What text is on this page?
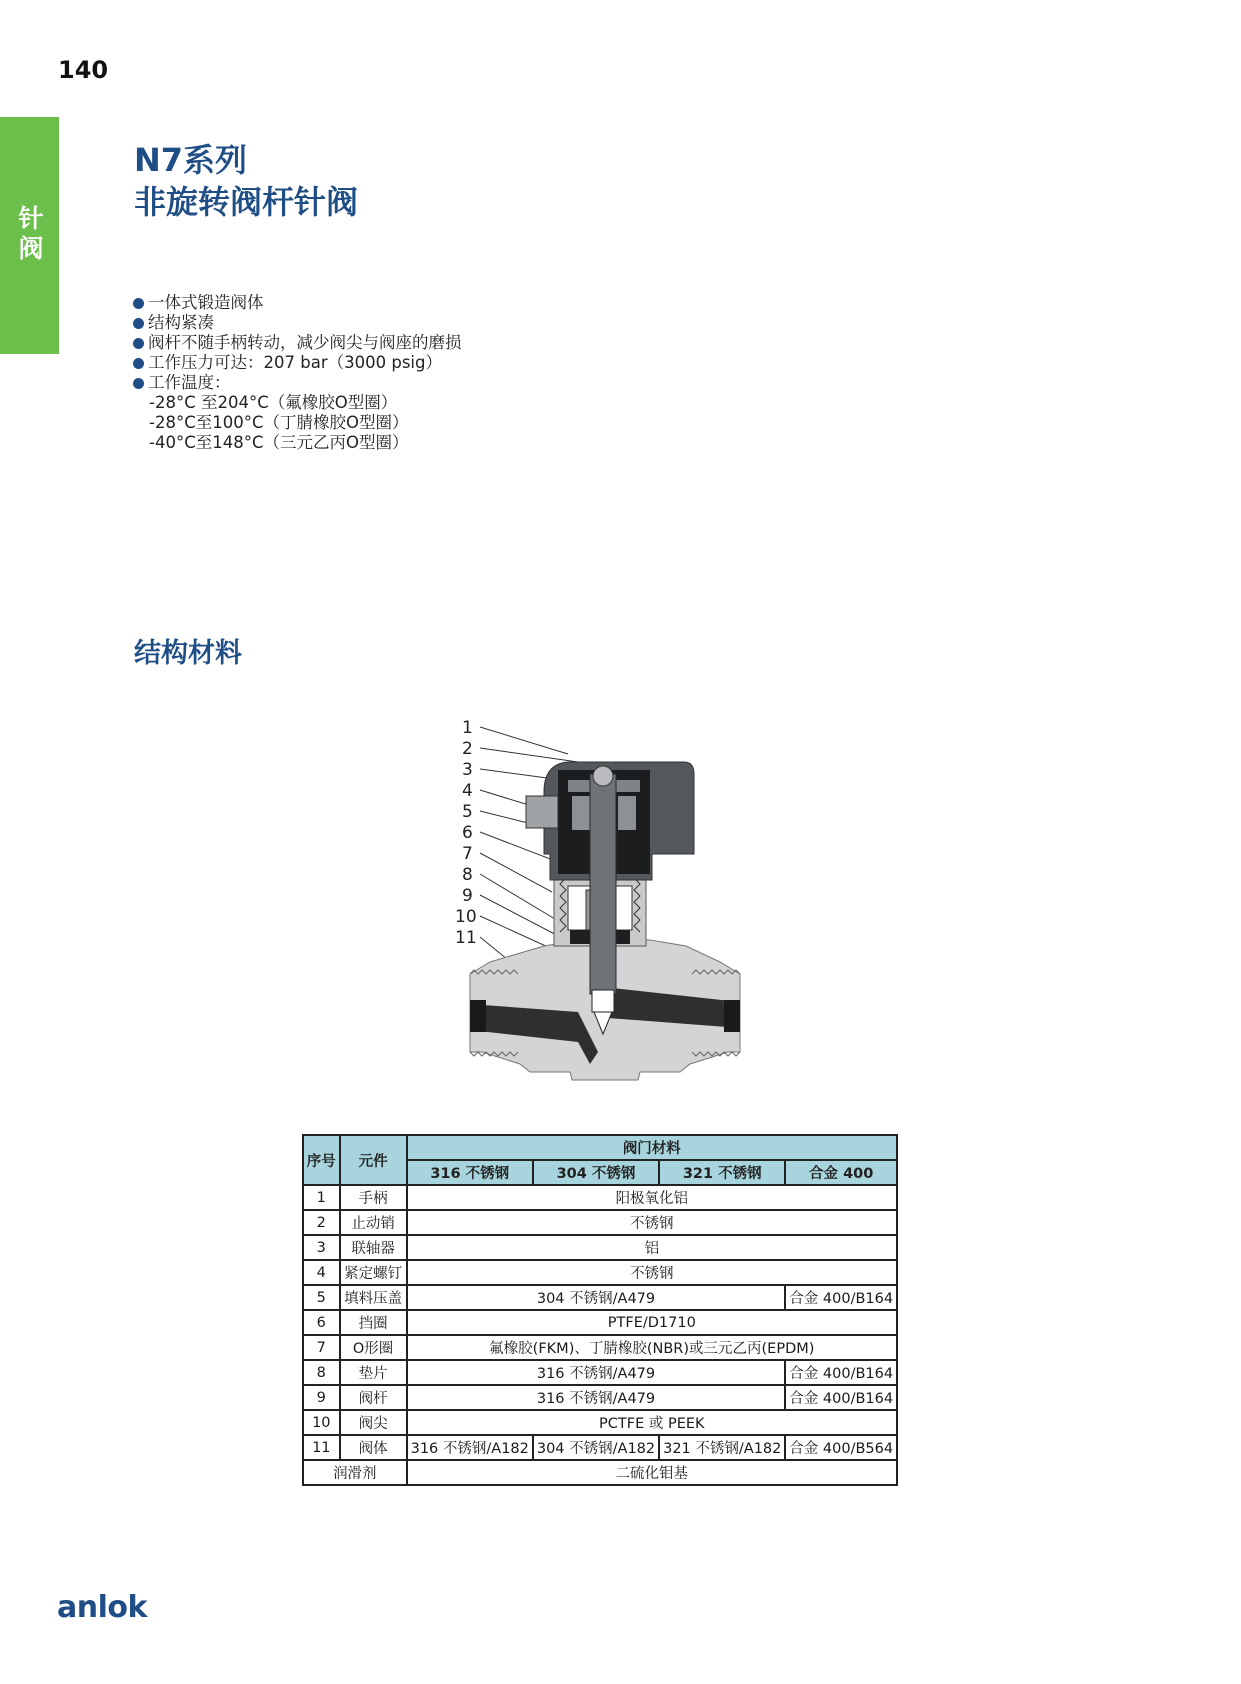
140
针
阀
N7系列
非旋转阀杆针阀
一体式锻造阀体
结构紧凑
阀杆不随手柄转动，减少阀尖与阀座的磨损
工作压力可达：207 bar（3000 psig）
工作温度：
-28°C 至204°C（氟橡胶O型圈）
-28°C至100°C（丁腈橡胶O型圈）
-40°C至148°C（三元乙丙O型圈）
结构材料
1
2
3
4
5
6
7
8
9
10
11
序号	元件	阀门材料			
		316 不锈钢	304 不锈钢	321 不锈钢	合金 400
1	手柄	阳极氧化铝			
2	止动销	不锈钢			
3	联轴器	铝			
4	紧定螺钉	不锈钢			
5	填料压盖	304 不锈钢/A479			合金 400/B164
6	挡圈	PTFE/D1710			
7	O形圈	氟橡胶(FKM)、丁腈橡胶(NBR)或三元乙丙(EPDM)			
8	垫片	316 不锈钢/A479			合金 400/B164
9	阀杆	316 不锈钢/A479			合金 400/B164
10	阀尖	PCTFE 或 PEEK			
11	阀体	316 不锈钢/A182	304 不锈钢/A182	321 不锈钢/A182	合金 400/B564
润滑剂		二硫化钼基			
anlok
